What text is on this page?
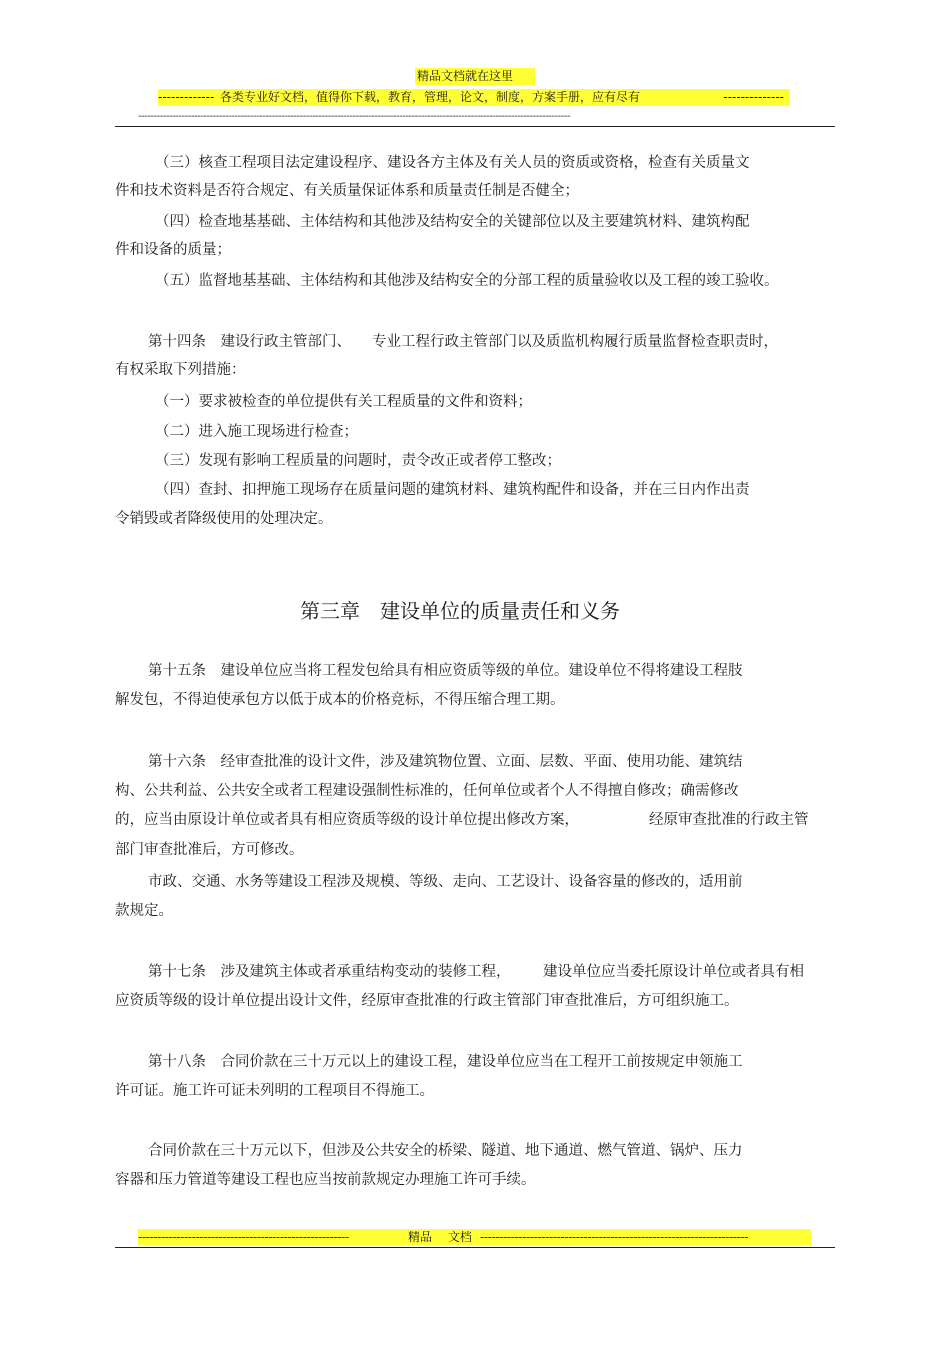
精品文档就在这里
------------- 各类专业好文档，值得你下载，教育，管理，论文，制度，方案手册，应有尽有	--------------
-------------------------------------------------------------------------------------------------------------------------------------------
（三）核查工程项目法定建设程序、建设各方主体及有关人员的资质或资格，检查有关质量文
件和技术资料是否符合规定、有关质量保证体系和质量责任制是否健全；
（四）检查地基基础、主体结构和其他涉及结构安全的关键部位以及主要建筑材料、建筑构配
件和设备的质量；
（五）监督地基基础、主体结构和其他涉及结构安全的分部工程的质量验收以及工程的竣工验收。
第十四条　建设行政主管部门、 专业工程行政主管部门以及质监机构履行质量监督检查职责时，
有权采取下列措施：
（一）要求被检查的单位提供有关工程质量的文件和资料；
（二）进入施工现场进行检查；
（三）发现有影响工程质量的问题时，责令改正或者停工整改；
（四）查封、扣押施工现场存在质量问题的建筑材料、建筑构配件和设备，并在三日内作出责
令销毁或者降级使用的处理决定。
第三章　建设单位的质量责任和义务
第十五条　建设单位应当将工程发包给具有相应资质等级的单位。建设单位不得将建设工程肢
解发包，不得迫使承包方以低于成本的价格竞标，不得压缩合理工期。
第十六条　经审查批准的设计文件，涉及建筑物位置、立面、层数、平面、使用功能、建筑结
构、公共利益、公共安全或者工程建设强制性标准的，任何单位或者个人不得擅自修改；确需修改
的，应当由原设计单位或者具有相应资质等级的设计单位提出修改方案，	经原审查批准的行政主管
部门审查批准后，方可修改。
市政、交通、水务等建设工程涉及规模、等级、走向、工艺设计、设备容量的修改的，适用前
款规定。
第十七条　涉及建筑主体或者承重结构变动的装修工程， 建设单位应当委托原设计单位或者具有相
应资质等级的设计单位提出设计文件，经原审查批准的行政主管部门审查批准后，方可组织施工。
第十八条　合同价款在三十万元以上的建设工程，建设单位应当在工程开工前按规定申领施工
许可证。施工许可证未列明的工程项目不得施工。
合同价款在三十万元以下，但涉及公共安全的桥梁、隧道、地下通道、燃气管道、锅炉、压力
容器和压力管道等建设工程也应当按前款规定办理施工许可手续。
-------------------------------------------------------	精品　 文档 ----------------------------------------------------------------------
